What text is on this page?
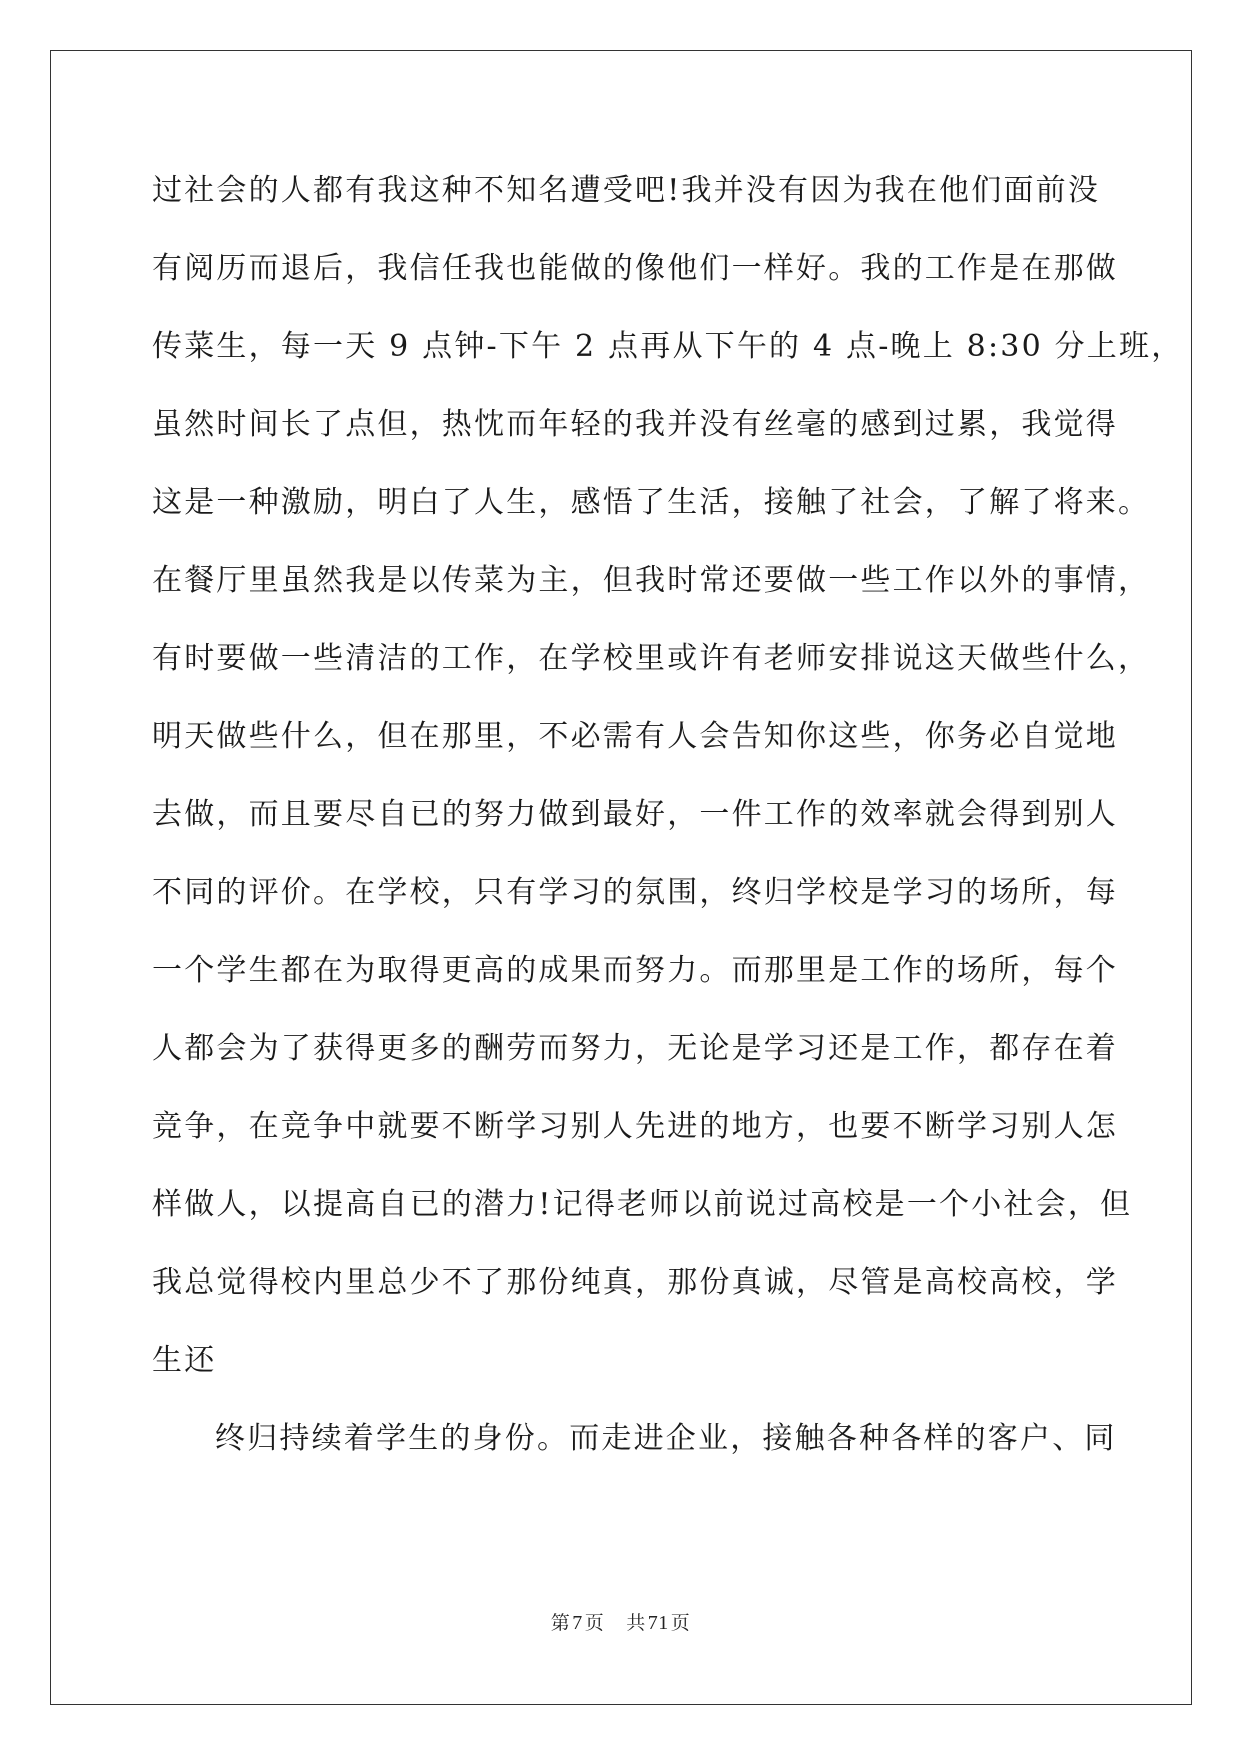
过社会的人都有我这种不知名遭受吧!我并没有因为我在他们面前没
有阅历而退后，我信任我也能做的像他们一样好。我的工作是在那做
传菜生，每一天 9 点钟-下午 2 点再从下午的 4 点-晚上 8:30 分上班，
虽然时间长了点但，热忱而年轻的我并没有丝毫的感到过累，我觉得
这是一种激励，明白了人生，感悟了生活，接触了社会，了解了将来。
在餐厅里虽然我是以传菜为主，但我时常还要做一些工作以外的事情，
有时要做一些清洁的工作，在学校里或许有老师安排说这天做些什么，
明天做些什么，但在那里，不必需有人会告知你这些，你务必自觉地
去做，而且要尽自已的努力做到最好，一件工作的效率就会得到别人
不同的评价。在学校，只有学习的氛围，终归学校是学习的场所，每
一个学生都在为取得更高的成果而努力。而那里是工作的场所，每个
人都会为了获得更多的酬劳而努力，无论是学习还是工作，都存在着
竞争，在竞争中就要不断学习别人先进的地方，也要不断学习别人怎
样做人，以提高自已的潜力!记得老师以前说过高校是一个小社会，但
我总觉得校内里总少不了那份纯真，那份真诚，尽管是高校高校，学
生还
终归持续着学生的身份。而走进企业，接触各种各样的客户、同
第 7 页 共 71 页
